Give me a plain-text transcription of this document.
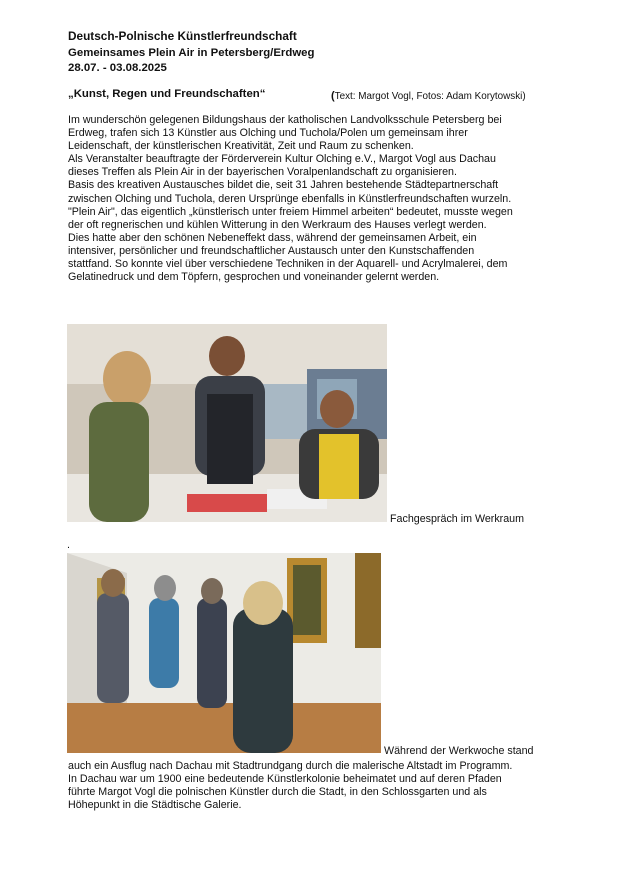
Deutsch-Polnische Künstlerfreundschaft
Gemeinsames Plein Air in Petersberg/Erdweg
28.07. - 03.08.2025
„Kunst, Regen und Freundschaften“	(Text: Margot Vogl, Fotos: Adam Korytowski)
Im wunderschön gelegenen Bildungshaus der katholischen Landvolksschule Petersberg bei
Erdweg, trafen sich 13 Künstler aus Olching und Tuchola/Polen um gemeinsam ihrer
Leidenschaft, der künstlerischen Kreativität, Zeit und Raum zu schenken.
Als Veranstalter beauftragte der Förderverein Kultur Olching e.V., Margot Vogl aus Dachau
dieses Treffen als Plein Air in der bayerischen Voralpenlandschaft zu organisieren.
Basis des kreativen Austausches bildet die, seit 31 Jahren bestehende Städtepartnerschaft
zwischen Olching und Tuchola, deren Ursprünge ebenfalls in Künstlerfreundschaften wurzeln.
"Plein Air", das eigentlich „künstlerisch unter freiem Himmel arbeiten“ bedeutet, musste wegen
der oft regnerischen und kühlen Witterung in den Werkraum des Hauses verlegt werden.
Dies hatte aber den schönen Nebeneffekt dass, während der gemeinsamen Arbeit, ein
intensiver, persönlicher und freundschaftlicher Austausch unter den Kunstschaffenden
stattfand. So konnte viel über verschiedene Techniken in der Aquarell- und Acrylmalerei, dem
Gelatinedruck und dem Töpfern, gesprochen und voneinander gelernt werden.
Fachgespräch im Werkraum
.
Während der Werkwoche stand
auch ein Ausflug nach Dachau mit Stadtrundgang durch die malerische Altstadt im Programm.
In Dachau war um 1900 eine bedeutende Künstlerkolonie beheimatet und auf deren Pfaden
führte Margot Vogl die polnischen Künstler durch die Stadt, in den Schlossgarten und als
Höhepunkt in die Städtische Galerie.
